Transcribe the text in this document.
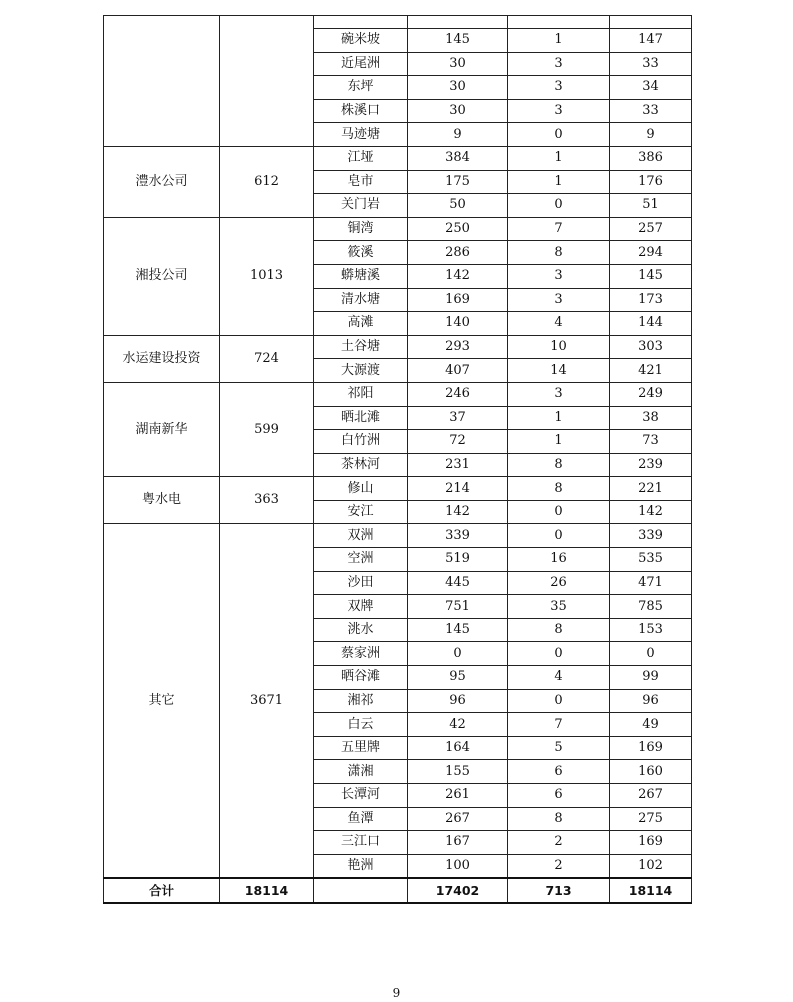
		碗米坡	145	1	147
		近尾洲	30	3	33
		东坪	30	3	34
		株溪口	30	3	33
		马迹塘	9	0	9
澧水公司	612	江垭	384	1	386
		皂市	175	1	176
		关门岩	50	0	51
湘投公司	1013	铜湾	250	7	257
		筱溪	286	8	294
		蟒塘溪	142	3	145
		清水塘	169	3	173
		高滩	140	4	144
水运建设投资	724	土谷塘	293	10	303
		大源渡	407	14	421
湖南新华	599	祁阳	246	3	249
		晒北滩	37	1	38
		白竹洲	72	1	73
		茶林河	231	8	239
粤水电	363	修山	214	8	221
		安江	142	0	142
其它	3671	双洲	339	0	339
		空洲	519	16	535
		沙田	445	26	471
		双牌	751	35	785
		洮水	145	8	153
		蔡家洲	0	0	0
		晒谷滩	95	4	99
		湘祁	96	0	96
		白云	42	7	49
		五里牌	164	5	169
		潇湘	155	6	160
		长潭河	261	6	267
		鱼潭	267	8	275
		三江口	167	2	169
		艳洲	100	2	102
合计	18114		17402	713	18114
9
